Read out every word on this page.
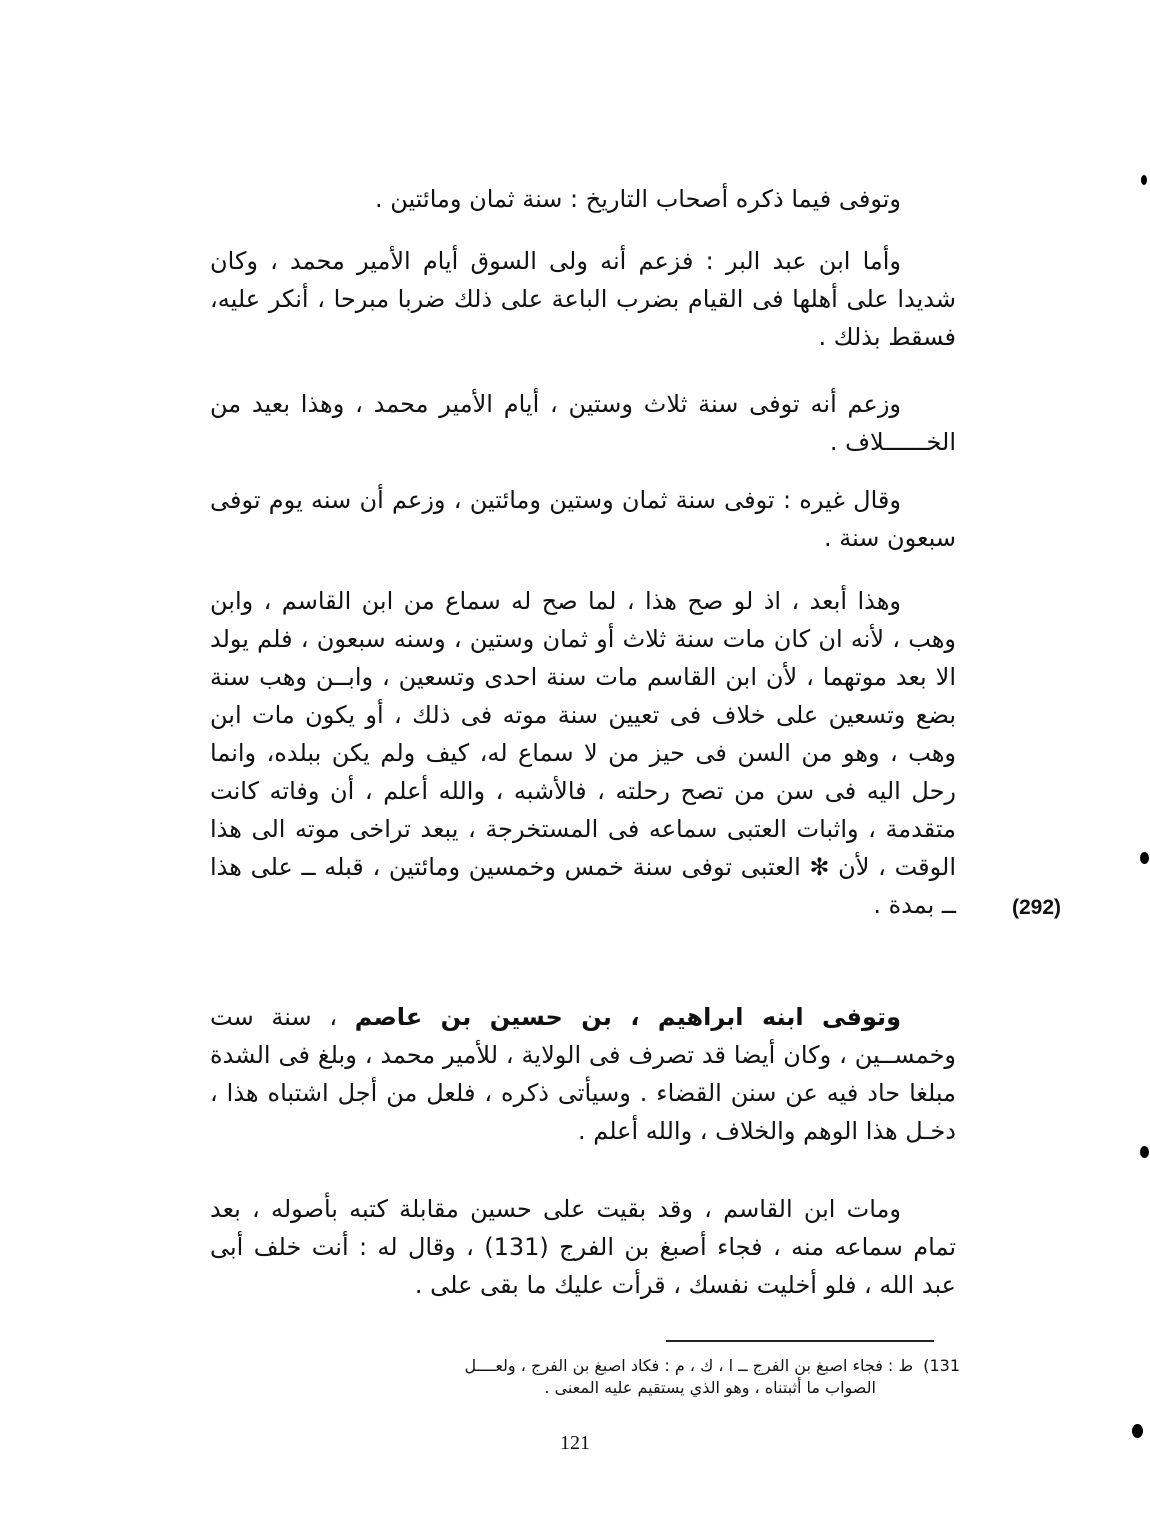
وتوفى فيما ذكره أصحاب التاريخ : سنة ثمان ومائتين .

وأما ابن عبد البر : فزعم أنه ولى السوق أيام الأمير محمد ، وكان شديدا على أهلها فى القيام بضرب الباعة على ذلك ضربا مبرحا ، أنكر عليه، فسقط بذلك .

وزعم أنه توفى سنة ثلاث وستين ، أيام الأمير محمد ، وهذا بعيد من الخــــــلاف .

وقال غيره : توفى سنة ثمان وستين ومائتين ، وزعم أن سنه يوم توفى سبعون سنة .

وهذا أبعد ، اذ لو صح هذا ، لما صح له سماع من ابن القاسم ، وابن وهب ، لأنه ان كان مات سنة ثلاث أو ثمان وستين ، وسنه سبعون ، فلم يولد الا بعد موتهما ، لأن ابن القاسم مات سنة احدى وتسعين ، وابــن وهب سنة بضع وتسعين على خلاف فى تعيين سنة موته فى ذلك ، أو يكون مات ابن وهب ، وهو من السن فى حيز من لا سماع له، كيف ولم يكن ببلده، وانما رحل اليه فى سن من تصح رحلته ، فالأشبه ، والله أعلم ، أن وفاته كانت متقدمة ، واثبات العتبى سماعه فى المستخرجة ، يبعد تراخى موته الى هذا الوقت ، لأن ✻ العتبى توفى سنة خمس وخمسين ومائتين ، قبله ــ على هذا ــ بمدة .

وتوفى ابنه ابراهيم ، بن حسين بن عاصم ، سنة ست وخمســين ، وكان أيضا قد تصرف فى الولاية ، للأمير محمد ، وبلغ فى الشدة مبلغا حاد فيه عن سنن القضاء . وسيأتى ذكره ، فلعل من أجل اشتباه هذا ، دخـل هذا الوهم والخلاف ، والله أعلم .

ومات ابن القاسم ، وقد بقيت على حسين مقابلة كتبه بأصوله ، بعد تمام سماعه منه ، فجاء أصبغ بن الفرج (131) ، وقال له : أنت خلف أبى عبد الله ، فلو أخليت نفسك ، قرأت عليك ما بقى على .

(292)
131)ط : فجاء اصبغ بن الفرج ــ ا ، ك ، م : فكاد اصبغ بن الفرج ، ولعــــل
الصواب ما أثبتناه ، وهو الذي يستقيم عليه المعنى .
121
